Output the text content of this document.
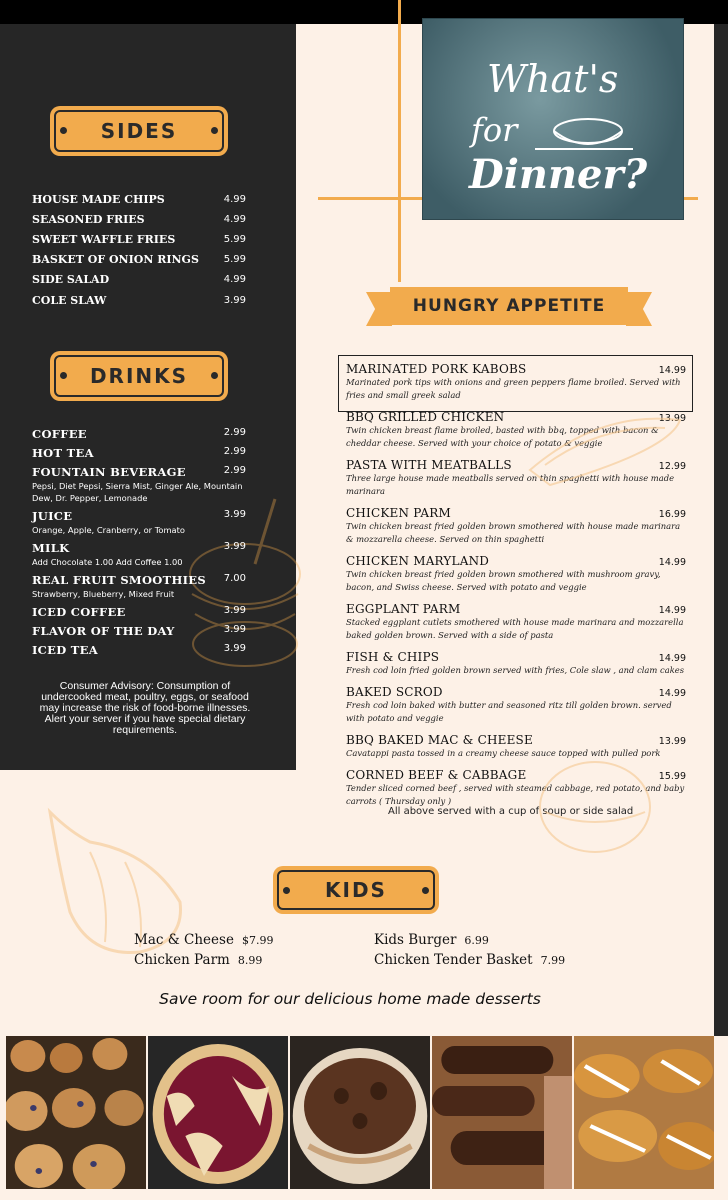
SIDES
HOUSE MADE CHIPS	4.99
SEASONED FRIES	4.99
SWEET WAFFLE FRIES	5.99
BASKET OF ONION RINGS 5.99
SIDE SALAD	4.99
COLE SLAW	3.99
DRINKS
COFFEE	2.99
HOT TEA	2.99
FOUNTAIN BEVERAGE	2.99
Pepsi, Diet Pepsi, Sierra Mist, Ginger Ale, Mountain Dew, Dr. Pepper, Lemonade
JUICE	3.99
Orange, Apple, Cranberry, or Tomato
MILK	3.99
Add Chocolate 1.00 Add Coffee 1.00
REAL FRUIT SMOOTHIES 7.00
Strawberry, Blueberry, Mixed Fruit
ICED COFFEE	3.99
FLAVOR OF THE DAY	3.99
ICED TEA	3.99
Consumer Advisory: Consumption of undercooked meat, poultry, eggs, or seafood may increase the risk of food-borne illnesses. Alert your server if you have special dietary requirements.
What's
for
Dinner?
HUNGRY APPETITE
MARINATED PORK KABOBS	14.99
Marinated pork tips with onions and green peppers flame broiled. Served with fries and small greek salad
BBQ GRILLED CHICKEN	13.99
Twin chicken breast flame broiled, basted with bbq, topped with bacon & cheddar cheese. Served with your choice of potato & veggie
PASTA WITH MEATBALLS	12.99
Three large house made meatballs served on thin spaghetti with house made marinara
CHICKEN PARM	16.99
Twin chicken breast fried golden brown smothered with house made marinara & mozzarella cheese. Served on thin spaghetti
CHICKEN MARYLAND	14.99
Twin chicken breast fried golden brown smothered with mushroom gravy, bacon, and Swiss cheese. Served with potato and veggie
EGGPLANT PARM	14.99
Stacked eggplant cutlets smothered with house made marinara and mozzarella baked golden brown. Served with a side of pasta
FISH & CHIPS	14.99
Fresh cod loin fried golden brown served with fries, Cole slaw , and clam cakes
BAKED SCROD	14.99
Fresh cod loin baked with butter and seasoned ritz till golden brown. served with potato and veggie
BBQ BAKED MAC & CHEESE	13.99
Cavatappi pasta tossed in a creamy cheese sauce topped with pulled pork
CORNED BEEF & CABBAGE	15.99
Tender sliced corned beef , served with steamed cabbage, red potato, and baby carrots ( Thursday only )
All above served with a cup of soup or side salad
KIDS
Mac & Cheese $7.99
Chicken Parm 8.99
Kids Burger 6.99
Chicken Tender Basket 7.99
Save room for our delicious home made desserts
